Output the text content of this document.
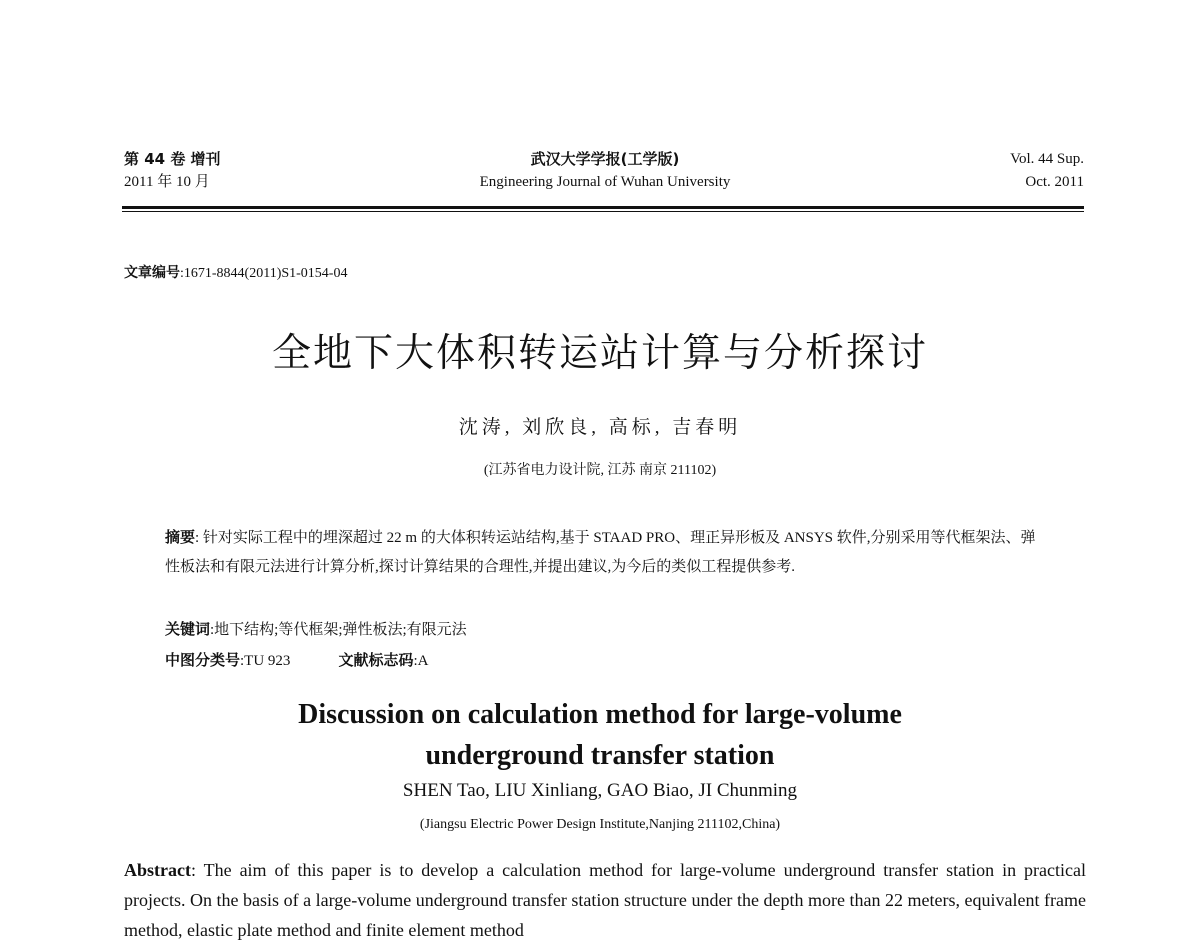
第 44 卷 增刊
2011 年 10 月
武汉大学学报(工学版)
Engineering Journal of Wuhan University
Vol. 44 Sup.
Oct. 2011
文章编号:1671-8844(2011)S1-0154-04
全地下大体积转运站计算与分析探讨
沈涛, 刘欣良, 高标, 吉春明
(江苏省电力设计院, 江苏 南京 211102)

摘要: 针对实际工程中的埋深超过 22 m 的大体积转运站结构,基于 STAAD PRO、理正异形板及 ANSYS 软件,分别采用等代框架法、弹性板法和有限元法进行计算分析,探讨计算结果的合理性,并提出建议,为今后的类似工程提供参考.

关键词:地下结构;等代框架;弹性板法;有限元法
中图分类号:TU 923	文献标志码:A
Discussion on calculation method for large-volume
underground transfer station
SHEN Tao, LIU Xinliang, GAO Biao, JI Chunming
(Jiangsu Electric Power Design Institute,Nanjing 211102,China)

Abstract: The aim of this paper is to develop a calculation method for large-volume underground transfer station in practical projects. On the basis of a large-volume underground transfer station structure under the depth more than 22 meters, equivalent frame method, elastic plate method and finite element method
